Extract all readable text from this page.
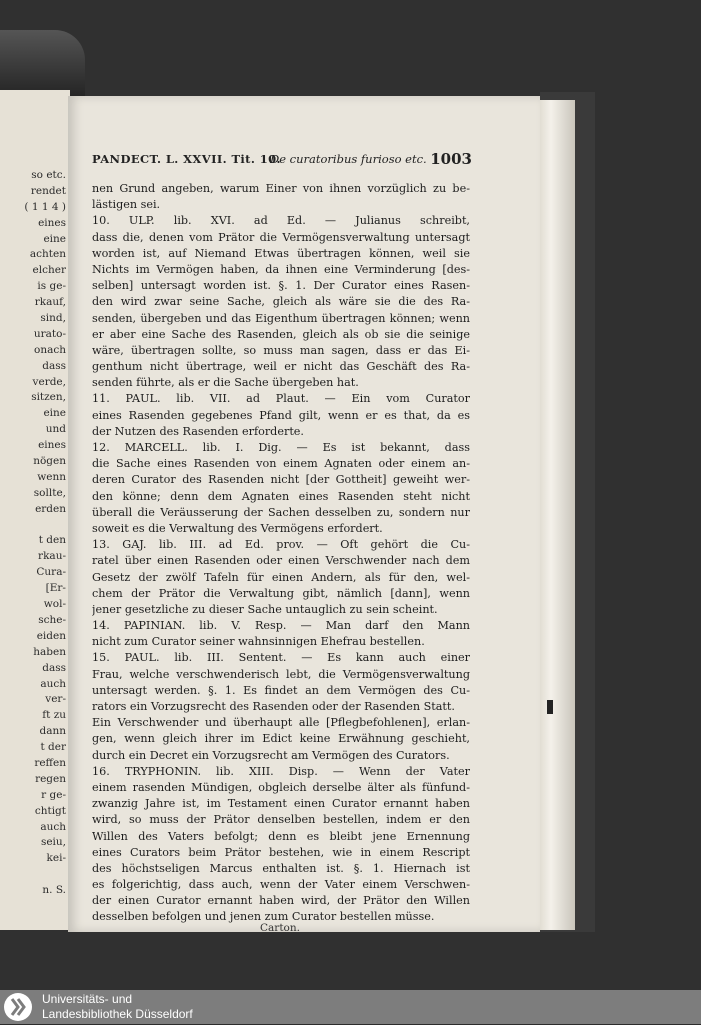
so etc.
rendet
( 1 1 4 )
eines
eine
achten
elcher
is ge-
rkauf,
sind,
urato-
onach
dass
verde,
sitzen,
eine
und
eines
nögen
wenn
sollte,
erden
t den
rkau-
Cura-
[Er-
wol-
sche-
eiden
haben
dass
auch
ver-
ft zu
dann
t der
reffen
regen
r ge-
chtigt
auch
seiu,
kei-
n. S.
PANDECT. L. XXVII. Tit. 10.
De curatoribus furioso etc. 1003
nen Grund angeben, warum Einer von ihnen vorzüglich zu be-
lästigen sei.
10. ULP. lib. XVI. ad Ed. — Julianus schreibt,
dass die, denen vom Prätor die Vermögensverwaltung untersagt
worden ist, auf Niemand Etwas übertragen können, weil sie
Nichts im Vermögen haben, da ihnen eine Verminderung [des-
selben] untersagt worden ist. §. 1. Der Curator eines Rasen-
den wird zwar seine Sache, gleich als wäre sie die des Ra-
senden, übergeben und das Eigenthum übertragen können; wenn
er aber eine Sache des Rasenden, gleich als ob sie die seinige
wäre, übertragen sollte, so muss man sagen, dass er das Ei-
genthum nicht übertrage, weil er nicht das Geschäft des Ra-
senden führte, als er die Sache übergeben hat.
11. PAUL. lib. VII. ad Plaut. — Ein vom Curator
eines Rasenden gegebenes Pfand gilt, wenn er es that, da es
der Nutzen des Rasenden erforderte.
12. MARCELL. lib. I. Dig. — Es ist bekannt, dass
die Sache eines Rasenden von einem Agnaten oder einem an-
deren Curator des Rasenden nicht [der Gottheit] geweiht wer-
den könne; denn dem Agnaten eines Rasenden steht nicht
überall die Veräusserung der Sachen desselben zu, sondern nur
soweit es die Verwaltung des Vermögens erfordert.
13. GAJ. lib. III. ad Ed. prov. — Oft gehört die Cu-
ratel über einen Rasenden oder einen Verschwender nach dem
Gesetz der zwölf Tafeln für einen Andern, als für den, wel-
chem der Prätor die Verwaltung gibt, nämlich [dann], wenn
jener gesetzliche zu dieser Sache untauglich zu sein scheint.
14. PAPINIAN. lib. V. Resp. — Man darf den Mann
nicht zum Curator seiner wahnsinnigen Ehefrau bestellen.
15. PAUL. lib. III. Sentent. — Es kann auch einer
Frau, welche verschwenderisch lebt, die Vermögensverwaltung
untersagt werden. §. 1. Es findet an dem Vermögen des Cu-
rators ein Vorzugsrecht des Rasenden oder der Rasenden Statt.
Ein Verschwender und überhaupt alle [Pflegbefohlenen], erlan-
gen, wenn gleich ihrer im Edict keine Erwähnung geschieht,
durch ein Decret ein Vorzugsrecht am Vermögen des Curators.
16. TRYPHONIN. lib. XIII. Disp. — Wenn der Vater
einem rasenden Mündigen, obgleich derselbe älter als fünfund-
zwanzig Jahre ist, im Testament einen Curator ernannt haben
wird, so muss der Prätor denselben bestellen, indem er den
Willen des Vaters befolgt; denn es bleibt jene Ernennung
eines Curators beim Prätor bestehen, wie in einem Rescript
des höchstseligen Marcus enthalten ist. §. 1. Hiernach ist
es folgerichtig, dass auch, wenn der Vater einem Verschwen-
der einen Curator ernannt haben wird, der Prätor den Willen
desselben befolgen und jenen zum Curator bestellen müsse.
Carton.
Universitäts- und
Landesbibliothek Düsseldorf
